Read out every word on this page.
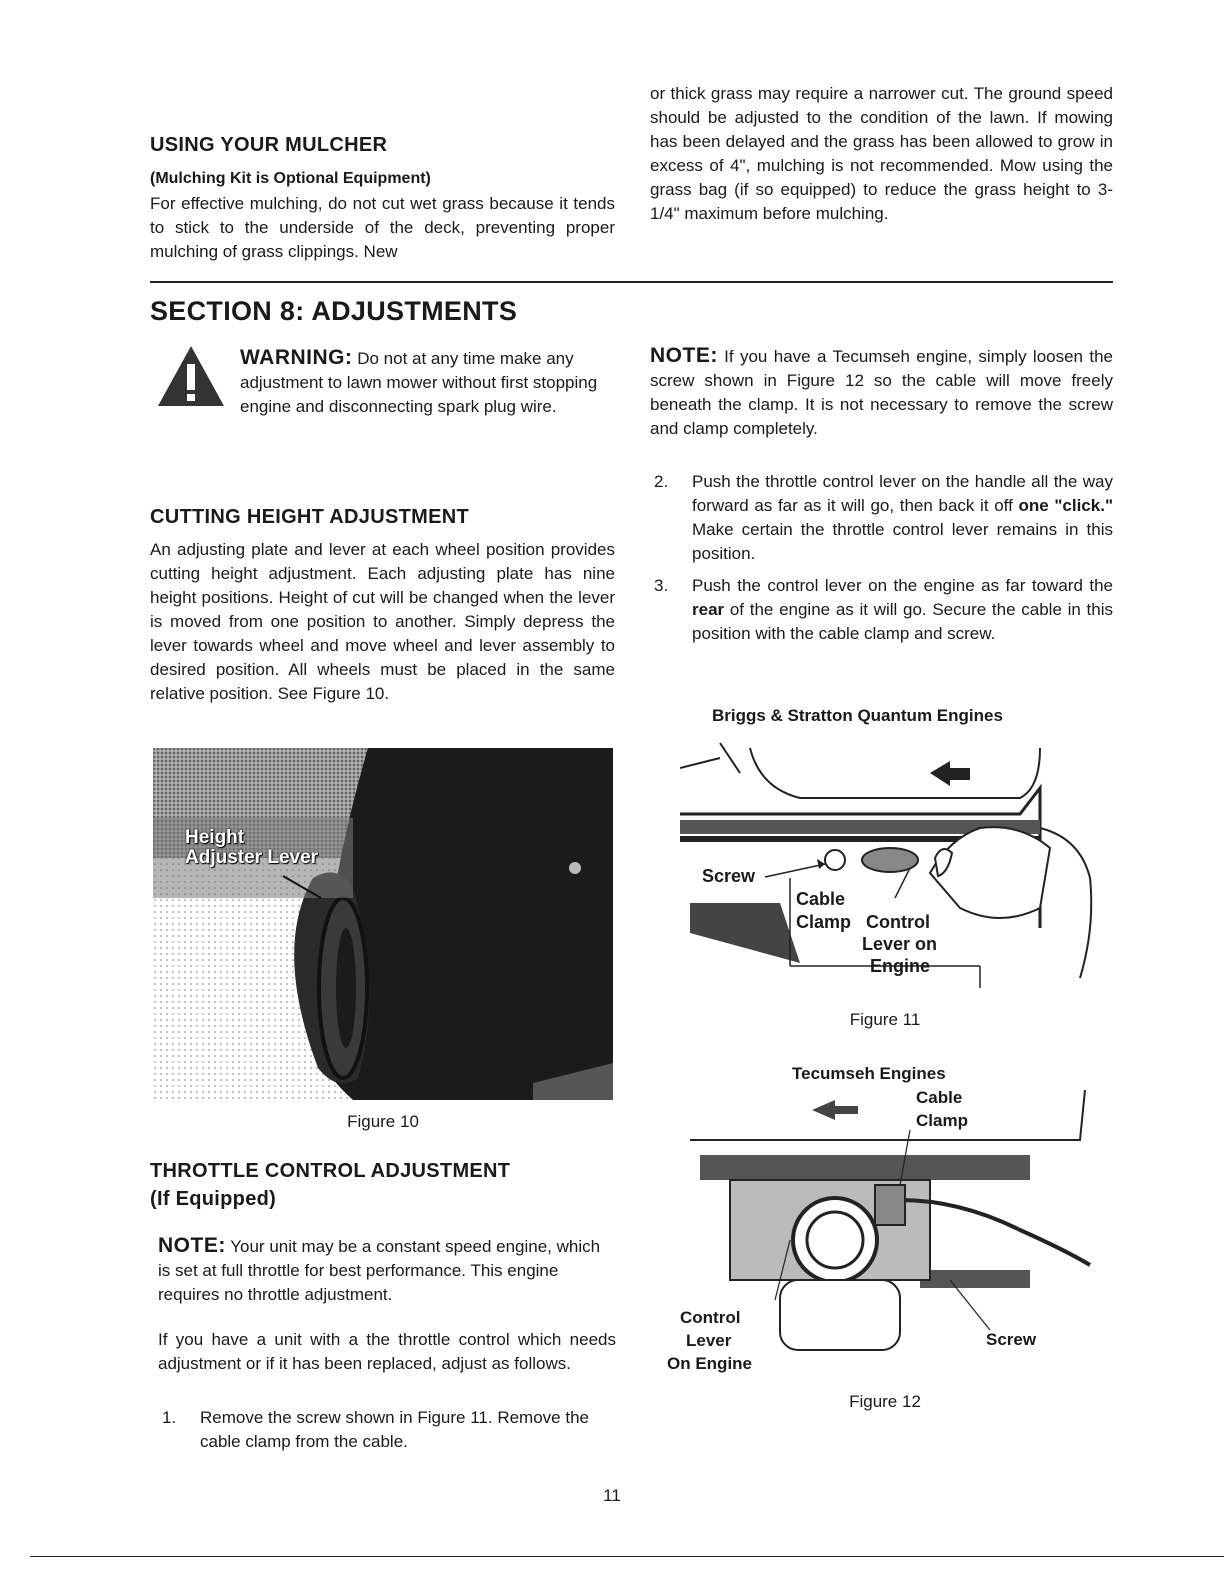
USING YOUR MULCHER
(Mulching Kit is Optional Equipment)
For effective mulching, do not cut wet grass because it tends to stick to the underside of the deck, preventing proper mulching of grass clippings. New
or thick grass may require a narrower cut. The ground speed should be adjusted to the condition of the lawn. If mowing has been delayed and the grass has been allowed to grow in excess of 4", mulching is not recommended. Mow using the grass bag (if so equipped) to reduce the grass height to 3-1/4" maximum before mulching.
SECTION 8: ADJUSTMENTS
WARNING: Do not at any time make any adjustment to lawn mower without first stopping engine and disconnecting spark plug wire.
CUTTING HEIGHT ADJUSTMENT
An adjusting plate and lever at each wheel position provides cutting height adjustment. Each adjusting plate has nine height positions. Height of cut will be changed when the lever is moved from one position to another. Simply depress the lever towards wheel and move wheel and lever assembly to desired position. All wheels must be placed in the same relative position. See Figure 10.
Height Adjuster Lever
Figure 10
THROTTLE CONTROL ADJUSTMENT
(If Equipped)
NOTE: Your unit may be a constant speed engine, which is set at full throttle for best performance. This engine requires no throttle adjustment.
If you have a unit with a the throttle control which needs adjustment or if it has been replaced, adjust as follows.
1. Remove the screw shown in Figure 11. Remove the cable clamp from the cable.
NOTE: If you have a Tecumseh engine, simply loosen the screw shown in Figure 12 so the cable will move freely beneath the clamp. It is not necessary to remove the screw and clamp completely.
2. Push the throttle control lever on the handle all the way forward as far as it will go, then back it off one "click." Make certain the throttle control lever remains in this position.
3. Push the control lever on the engine as far toward the rear of the engine as it will go. Secure the cable in this position with the cable clamp and screw.
Briggs & Stratton Quantum Engines
Screw
Cable
Clamp Control
Lever on
Engine
Figure 11
Tecumseh Engines
Cable
Clamp
Control
Lever
On Engine
Screw
Figure 12
11
